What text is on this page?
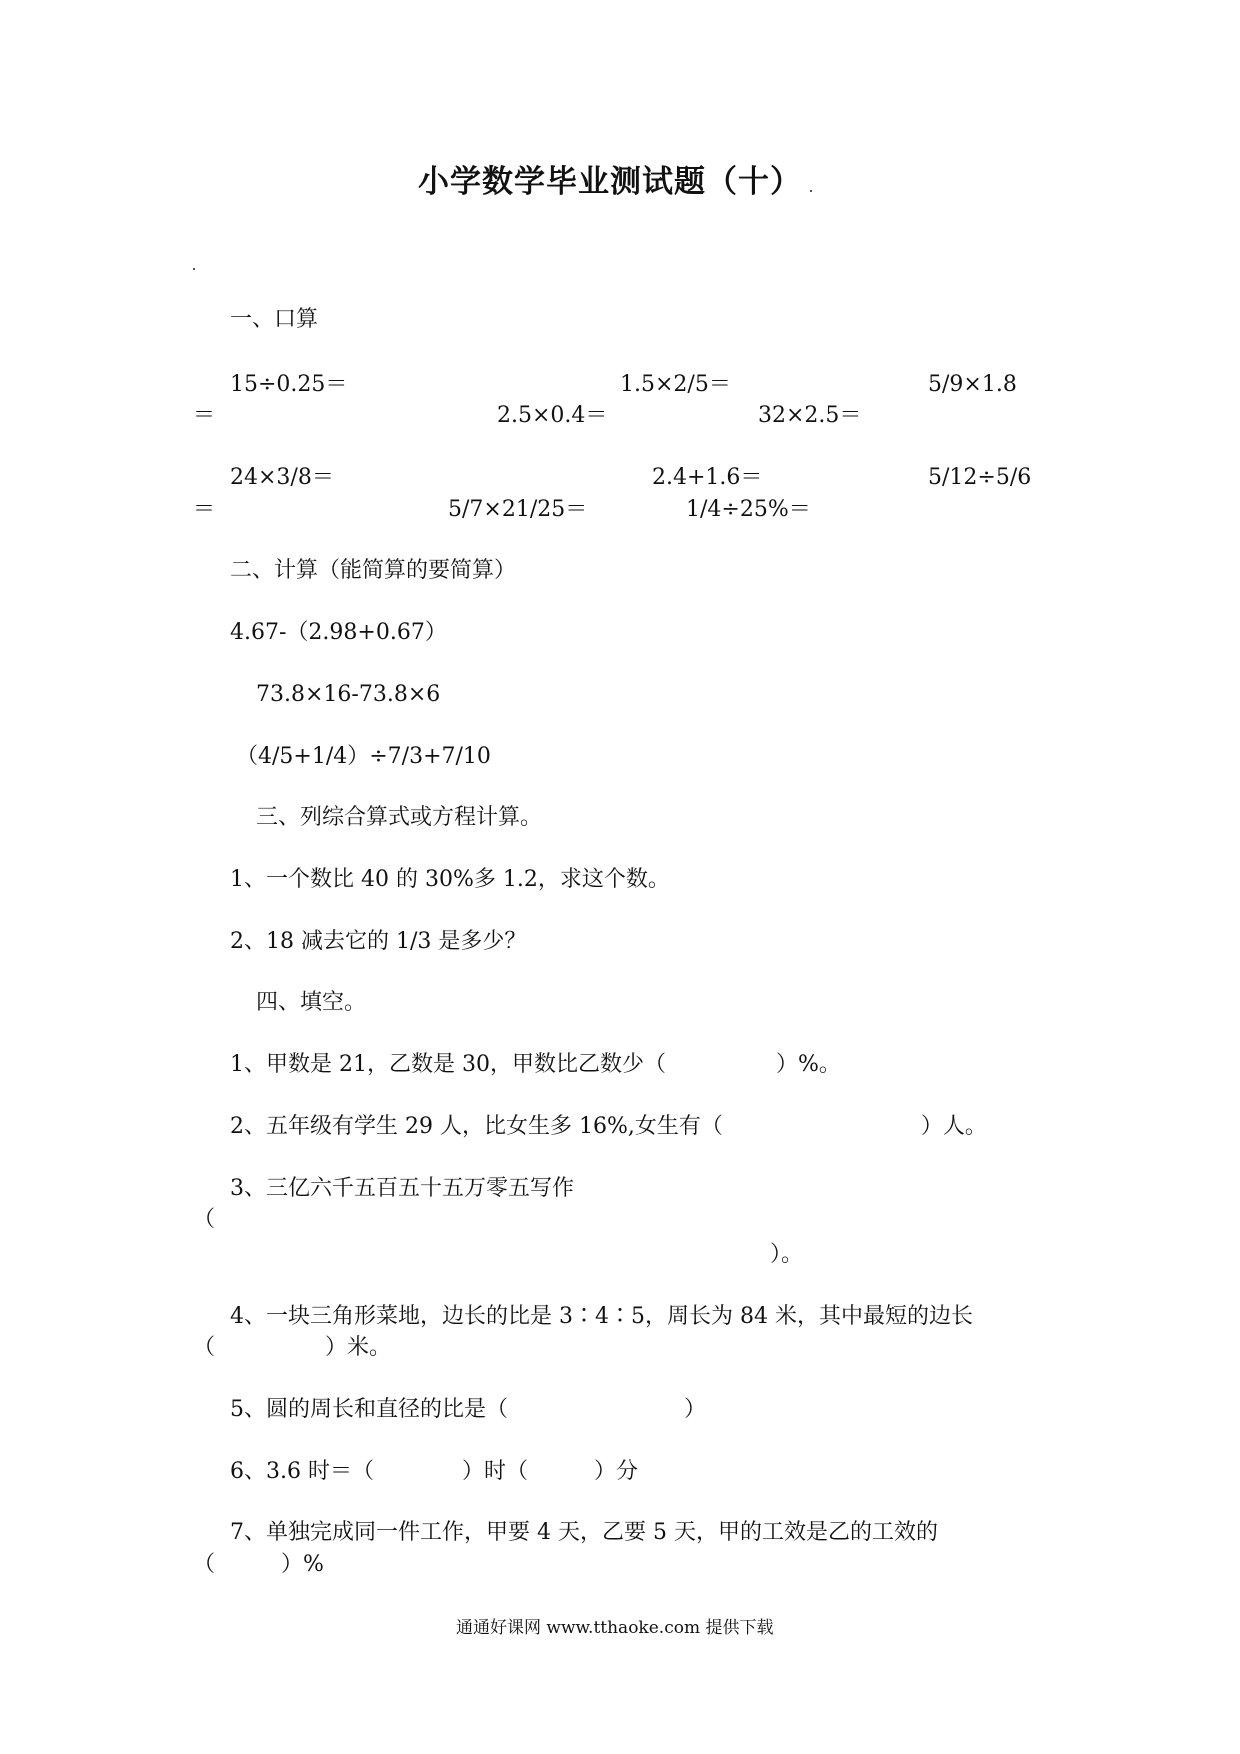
小学数学毕业测试题（十）
一、口算
15÷0.25＝	1.5×2/5＝	5/9×1.8
＝	2.5×0.4＝	32×2.5＝
24×3/8＝	2.4+1.6＝	5/12÷5/6
＝	5/7×21/25＝	1/4÷25%＝
二、计算（能简算的要简算）
4.67-（2.98+0.67）
73.8×16-73.8×6
（4/5+1/4）÷7/3+7/10
三、列综合算式或方程计算。
1、一个数比 40 的 30%多 1.2，求这个数。
2、18 减去它的 1/3 是多少？
四、填空。
1、甲数是 21，乙数是 30，甲数比乙数少（　　　　　）%。
2、五年级有学生 29 人，比女生多 16%,女生有（　　　　　　　　　）人。
3、三亿六千五百五十五万零五写作
（
）。
4、一块三角形菜地，边长的比是 3∶4∶5，周长为 84 米，其中最短的边长
（　　　　　）米。
5、圆的周长和直径的比是（　　　　　　　　）
6、3.6 时＝（　　　　）时（　　　）分
7、单独完成同一件工作，甲要 4 天，乙要 5 天，甲的工效是乙的工效的
（　　　）%
通通好课网 www.tthaoke.com 提供下载
